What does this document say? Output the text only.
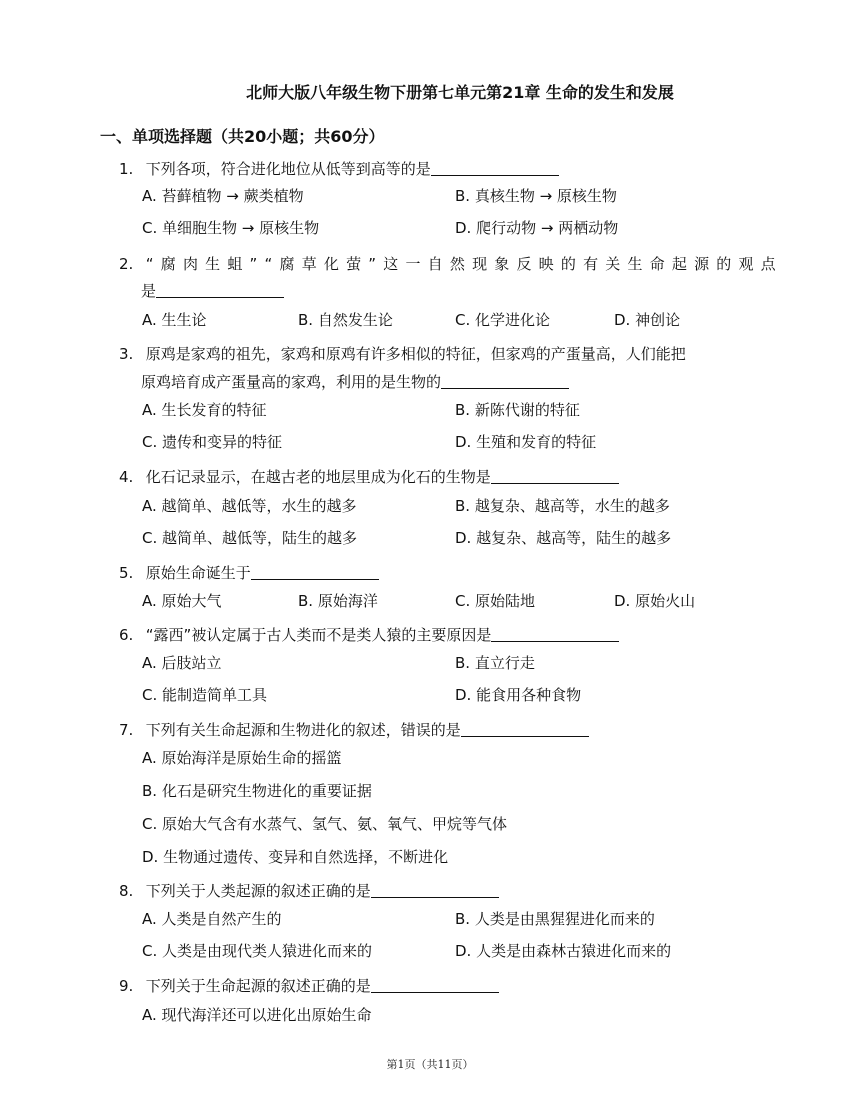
北师大版八年级生物下册第七单元第21章 生命的发生和发展
一、单项选择题（共20小题；共60分）
1. 下列各项，符合进化地位从低等到高等的是
A. 苔藓植物 → 蕨类植物	B. 真核生物 → 原核生物
C. 单细胞生物 → 原核生物	D. 爬行动物 → 两栖动物
2. “腐肉生蛆”“腐草化萤”这一自然现象反映的有关生命起源的观点
是
A. 生生论	B. 自然发生论	C. 化学进化论	D. 神创论
3. 原鸡是家鸡的祖先，家鸡和原鸡有许多相似的特征，但家鸡的产蛋量高，人们能把
原鸡培育成产蛋量高的家鸡，利用的是生物的
A. 生长发育的特征	B. 新陈代谢的特征
C. 遗传和变异的特征	D. 生殖和发育的特征
4. 化石记录显示，在越古老的地层里成为化石的生物是
A. 越简单、越低等，水生的越多	B. 越复杂、越高等，水生的越多
C. 越简单、越低等，陆生的越多	D. 越复杂、越高等，陆生的越多
5. 原始生命诞生于
A. 原始大气	B. 原始海洋	C. 原始陆地	D. 原始火山
6. “露西”被认定属于古人类而不是类人猿的主要原因是
A. 后肢站立	B. 直立行走
C. 能制造简单工具	D. 能食用各种食物
7. 下列有关生命起源和生物进化的叙述，错误的是
A. 原始海洋是原始生命的摇篮
B. 化石是研究生物进化的重要证据
C. 原始大气含有水蒸气、氢气、氨、氧气、甲烷等气体
D. 生物通过遗传、变异和自然选择，不断进化
8. 下列关于人类起源的叙述正确的是
A. 人类是自然产生的	B. 人类是由黑猩猩进化而来的
C. 人类是由现代类人猿进化而来的	D. 人类是由森林古猿进化而来的
9. 下列关于生命起源的叙述正确的是
A. 现代海洋还可以进化出原始生命
第1页（共11页）
